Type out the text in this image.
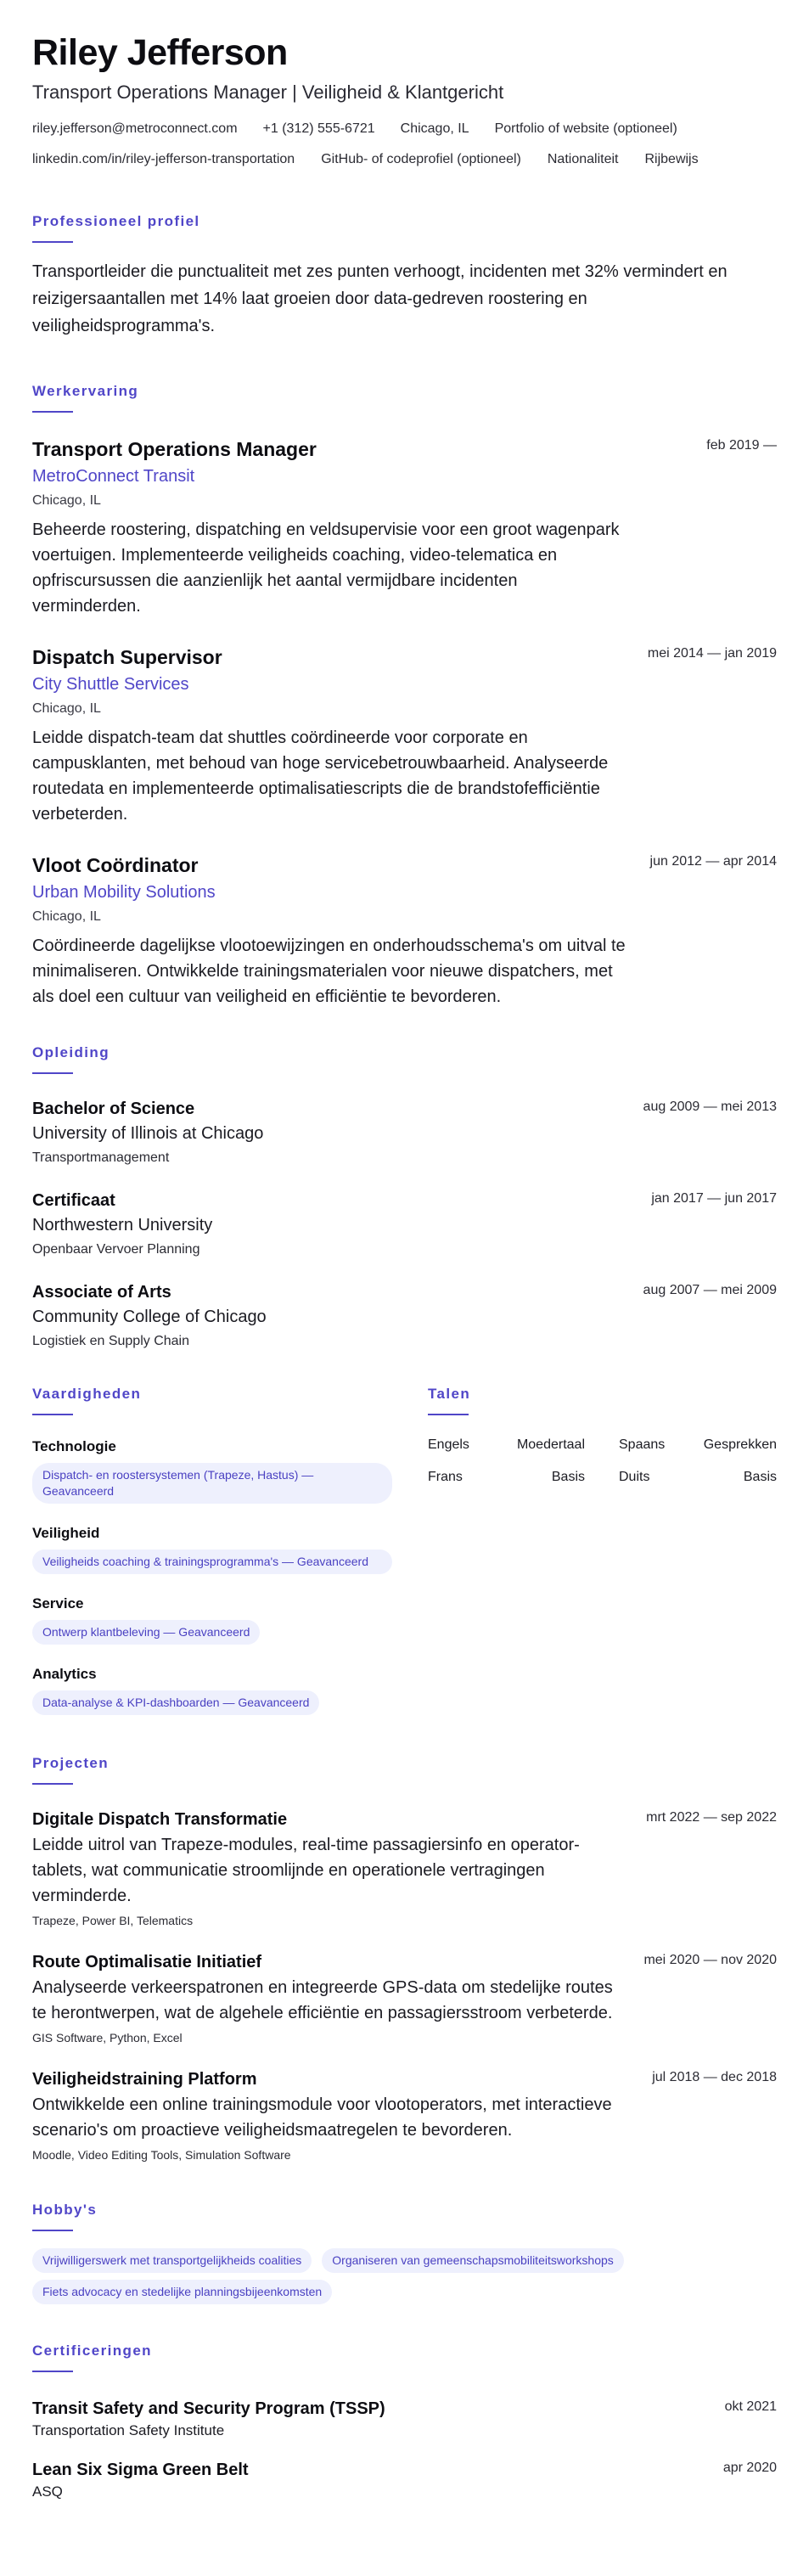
Riley Jefferson
Transport Operations Manager | Veiligheid & Klantgericht
riley.jefferson@metroconnect.com +1 (312) 555-6721 Chicago, IL Portfolio of website (optioneel)
linkedin.com/in/riley-jefferson-transportation GitHub- of codeprofiel (optioneel) Nationaliteit Rijbewijs
Professioneel profiel

Transportleider die punctualiteit met zes punten verhoogt, incidenten met 32% vermindert en reizigersaantallen met 14% laat groeien door data-gedreven roostering en veiligheidsprogramma's.

Werkervaring
Transport Operations Manager	feb 2019 —
MetroConnect Transit
Chicago, IL

Beheerde roostering, dispatching en veldsupervisie voor een groot wagenpark voertuigen. Implementeerde veiligheids coaching, video-telematica en opfriscursussen die aanzienlijk het aantal vermijdbare incidenten verminderden.

Dispatch Supervisor	mei 2014 — jan 2019
City Shuttle Services
Chicago, IL

Leidde dispatch-team dat shuttles coördineerde voor corporate en campusklanten, met behoud van hoge servicebetrouwbaarheid. Analyseerde routedata en implementeerde optimalisatiescripts die de brandstofefficiëntie verbeterden.

Vloot Coördinator	jun 2012 — apr 2014
Urban Mobility Solutions
Chicago, IL

Coördineerde dagelijkse vlootoewijzingen en onderhoudsschema's om uitval te minimaliseren. Ontwikkelde trainingsmaterialen voor nieuwe dispatchers, met als doel een cultuur van veiligheid en efficiëntie te bevorderen.

Opleiding
Bachelor of Science	aug 2009 — mei 2013
University of Illinois at Chicago
Transportmanagement
Certificaat	jan 2017 — jun 2017
Northwestern University
Openbaar Vervoer Planning
Associate of Arts	aug 2007 — mei 2009
Community College of Chicago
Logistiek en Supply Chain
Vaardigheden
Technologie
Dispatch- en roostersystemen (Trapeze, Hastus) — Geavanceerd
Veiligheid
Veiligheids coaching & trainingsprogramma's — Geavanceerd
Service
Ontwerp klantbeleving — Geavanceerd
Analytics
Data-analyse & KPI-dashboarden — Geavanceerd
Talen
Engels	Moedertaal	Spaans	Gesprekken
Frans	Basis	Duits	Basis
Projecten
Digitale Dispatch Transformatie	mrt 2022 — sep 2022

Leidde uitrol van Trapeze-modules, real-time passagiersinfo en operator-tablets, wat communicatie stroomlijnde en operationele vertragingen verminderde.

Trapeze, Power BI, Telematics
Route Optimalisatie Initiatief	mei 2020 — nov 2020

Analyseerde verkeerspatronen en integreerde GPS-data om stedelijke routes te herontwerpen, wat de algehele efficiëntie en passagiersstroom verbeterde.

GIS Software, Python, Excel
Veiligheidstraining Platform	jul 2018 — dec 2018

Ontwikkelde een online trainingsmodule voor vlootoperators, met interactieve scenario's om proactieve veiligheidsmaatregelen te bevorderen.

Moodle, Video Editing Tools, Simulation Software
Hobby's
Vrijwilligerswerk met transportgelijkheids coalities	Organiseren van gemeenschapsmobiliteitsworkshops
Fiets advocacy en stedelijke planningsbijeenkomsten
Certificeringen
Transit Safety and Security Program (TSSP)	okt 2021
Transportation Safety Institute
Lean Six Sigma Green Belt	apr 2020
ASQ
